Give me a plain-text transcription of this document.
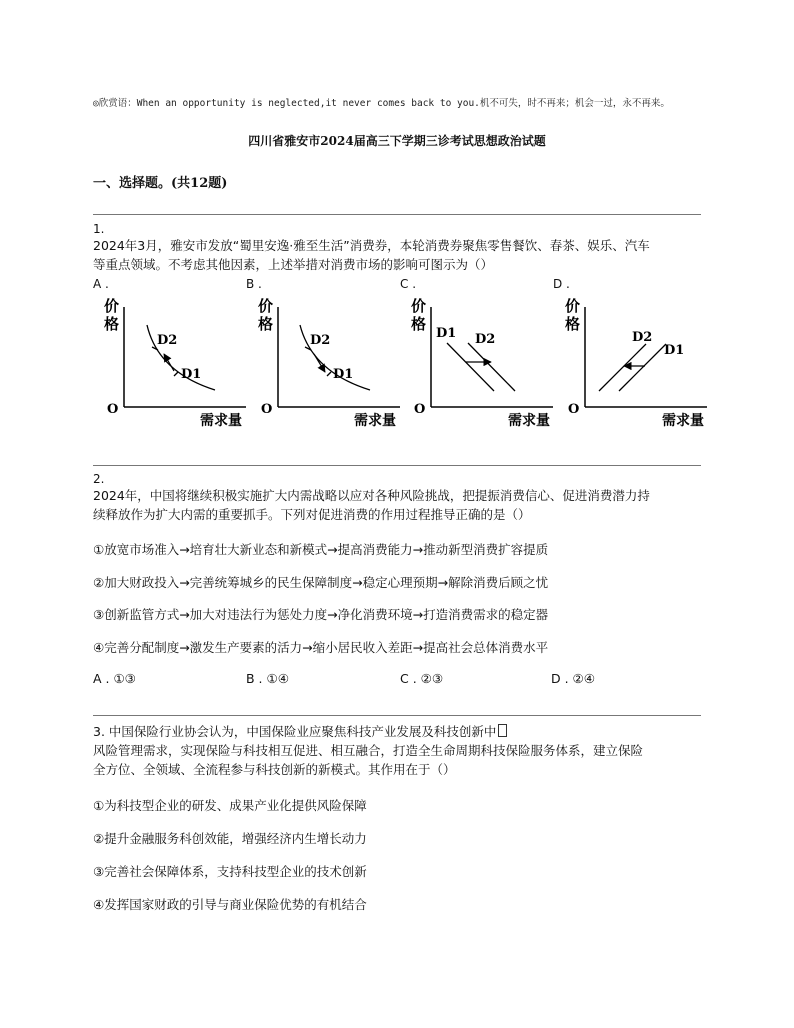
◎欣赏语：When an opportunity is neglected,it never comes back to you.机不可失，时不再来；机会一过，永不再来。
四川省雅安市2024届高三下学期三诊考试思想政治试题
一、选择题。(共12题)
1.
2024年3月，雅安市发放“蜀里安逸·雅至生活”消费券，本轮消费券聚焦零售餐饮、春茶、娱乐、汽车
等重点领域。不考虑其他因素，上述举措对消费市场的影响可图示为（）
A .	B .	C .	D .
价
格
O
需求量
D2
D1
价
格
O
需求量
D2
D1
价
格
O
需求量
D1 D2
价
格
O
需求量
D2
D1
2.
2024年，中国将继续积极实施扩大内需战略以应对各种风险挑战，把提振消费信心、促进消费潜力持
续释放作为扩大内需的重要抓手。下列对促进消费的作用过程推导正确的是（）
①放宽市场准入→培育壮大新业态和新模式→提高消费能力→推动新型消费扩容提质
②加大财政投入→完善统筹城乡的民生保障制度→稳定心理预期→解除消费后顾之忧
③创新监管方式→加大对违法行为惩处力度→净化消费环境→打造消费需求的稳定器
④完善分配制度→激发生产要素的活力→缩小居民收入差距→提高社会总体消费水平
A . ①③	B . ①④	C . ②③	D . ②④
3. 中国保险行业协会认为，中国保险业应聚焦科技产业发展及科技创新中
风险管理需求，实现保险与科技相互促进、相互融合，打造全生命周期科技保险服务体系，建立保险
全方位、全领域、全流程参与科技创新的新模式。其作用在于（）
①为科技型企业的研发、成果产业化提供风险保障
②提升金融服务科创效能，增强经济内生增长动力
③完善社会保障体系，支持科技型企业的技术创新
④发挥国家财政的引导与商业保险优势的有机结合
